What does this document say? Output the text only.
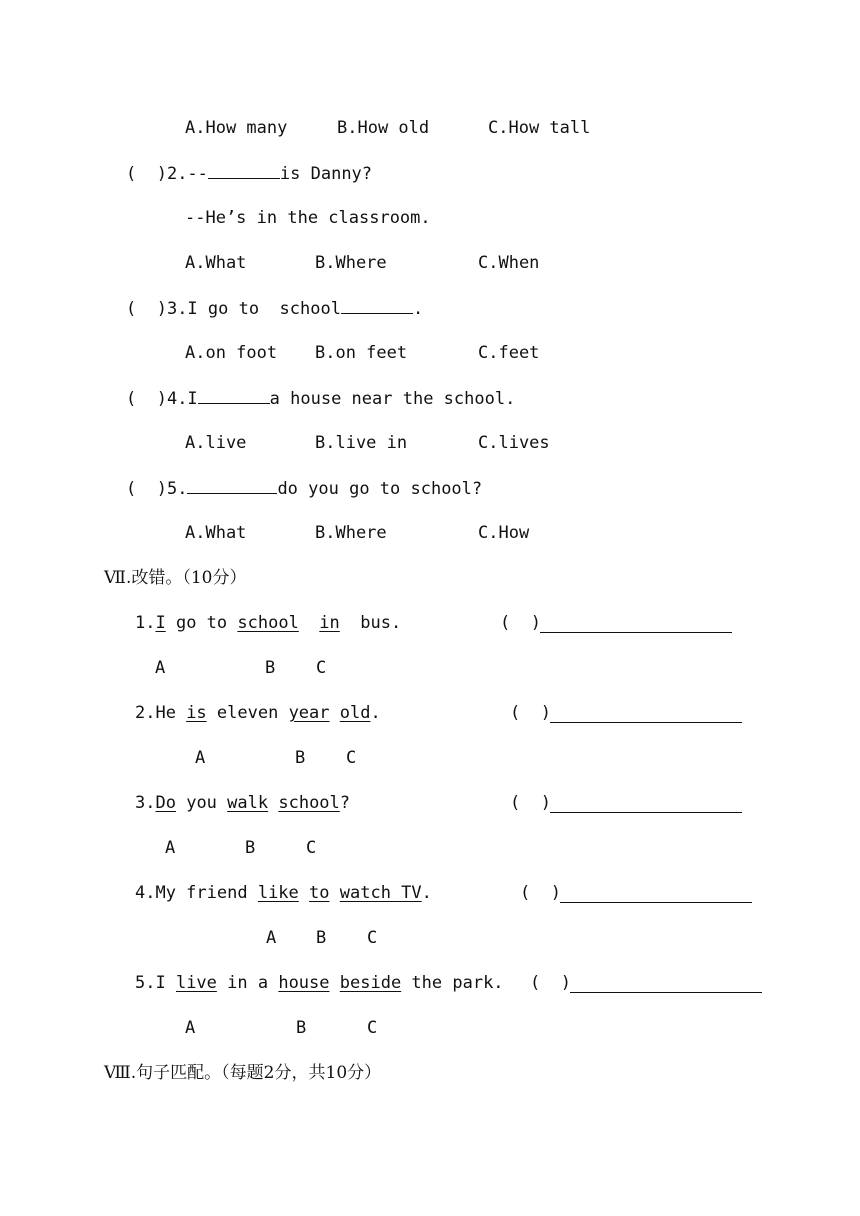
A.How many	B.How old	C.How tall
(  )2.--	is Danny?
--He’s in the classroom.
A.What	B.Where	C.When
(  )3.I go to  school	.
A.on foot B.on feet	C.feet
(  )4.I	a house near the school.
A.live	B.live in	C.lives
(  )5.	do you go to school?
A.What	B.Where	C.How
Ⅶ.改错。（10分）
1.I go to school in  bus.	(  )
A	B C
2.He is eleven year old.	(  )
A	B C
3.Do you walk school?	(  )
A	B	C
4.My friend like to watch TV.	(  )
A B C
5.I live in a house beside the park. (  )
A	B	C
Ⅷ.句子匹配。（每题2分，共10分）
